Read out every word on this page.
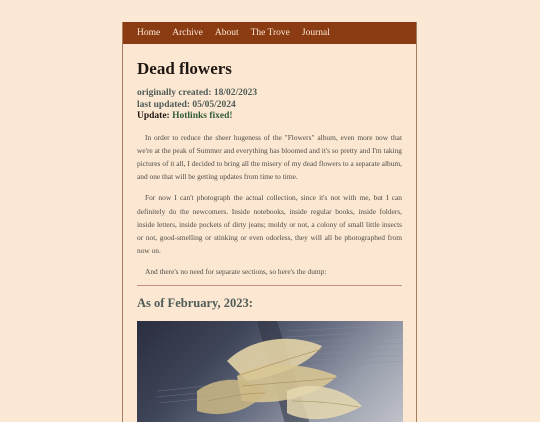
Home Archive About The Trove Journal
Dead flowers
originally created: 18/02/2023
last updated: 05/05/2024
Update: Hotlinks fixed!

In order to reduce the sheer hugeness of the "Flowers" album, even more now that we're at the peak of Summer and everything has bloomed and it's so pretty and I'm taking pictures of it all, I decided to bring all the misery of my dead flowers to a separate album, and one that will be getting updates from time to time.

For now I can't photograph the actual collection, since it's not with me, but I can definitely do the newcomers. Inside notebooks, inside regular books, inside folders, inside letters, inside pockets of dirty jeans; moldy or not, a colony of small little insects or not, good-smelling or stinking or even odorless, they will all be photographed from now on.

And there's no need for separate sections, so here's the dump:

As of February, 2023:
